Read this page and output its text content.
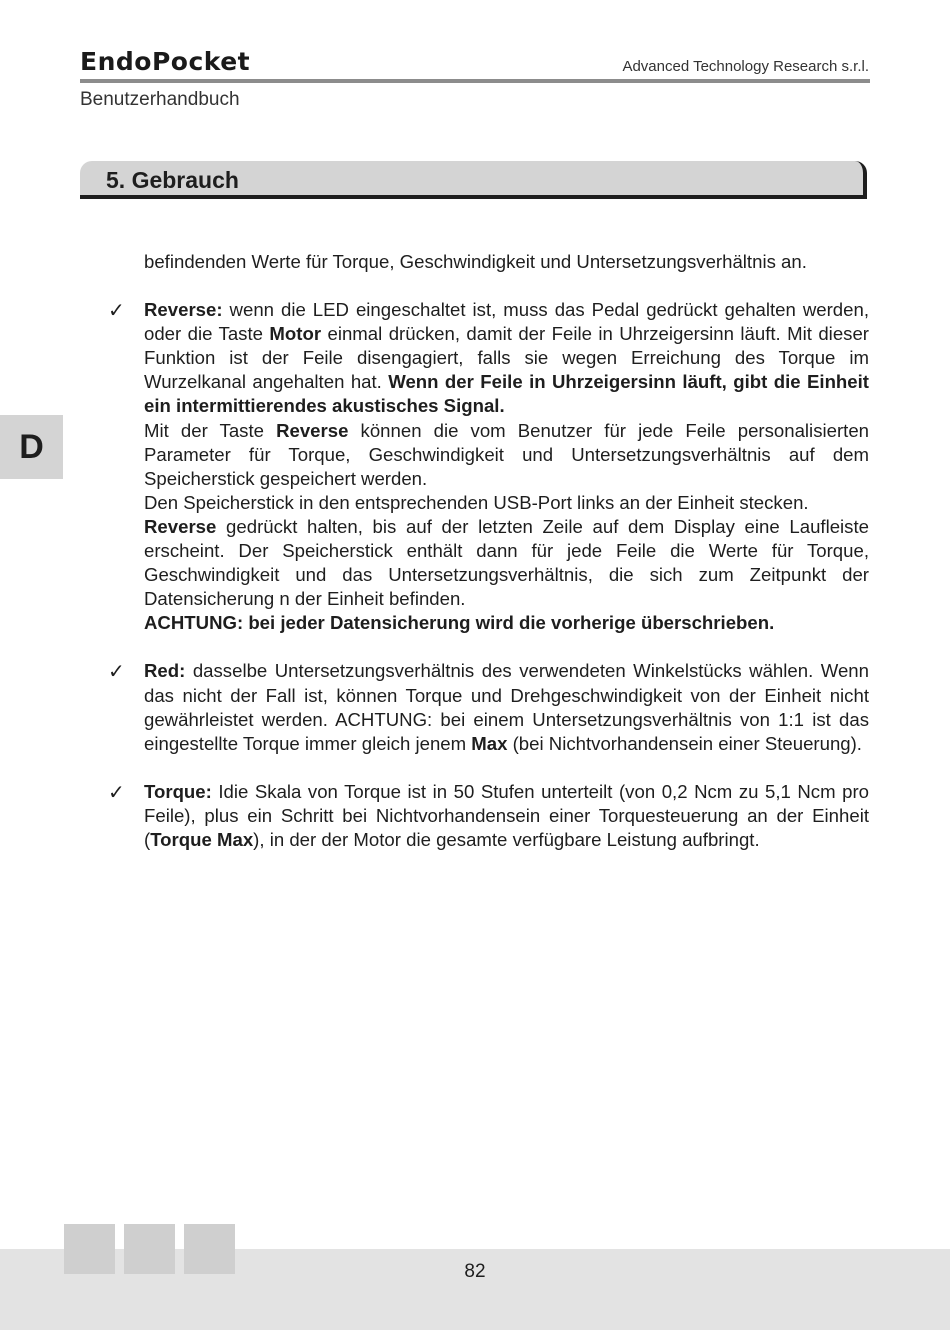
EndoPocket	Advanced Technology Research s.r.l.
Benutzerhandbuch
5. Gebrauch
D

befindenden Werte für Torque, Geschwindigkeit und Untersetzungsverhältnis an.

✓ Reverse: wenn die LED eingeschaltet ist, muss das Pedal gedrückt gehalten werden, oder die Taste Motor einmal drücken, damit der Feile in Uhrzeigersinn läuft. Mit dieser Funktion ist der Feile disengagiert, falls sie wegen Erreichung des Torque im Wurzelkanal angehalten hat. Wenn der Feile in Uhrzeigersinn läuft, gibt die Einheit ein intermittierendes akustisches Signal.

Mit der Taste Reverse können die vom Benutzer für jede Feile personalisierten Parameter für Torque, Geschwindigkeit und Untersetzungsverhältnis auf dem Speicherstick gespeichert werden.

Den Speicherstick in den entsprechenden USB-Port links an der Einheit stecken.

Reverse gedrückt halten, bis auf der letzten Zeile auf dem Display eine Laufleiste erscheint. Der Speicherstick enthält dann für jede Feile die Werte für Torque, Geschwindigkeit und das Untersetzungsverhältnis, die sich zum Zeitpunkt der Datensicherung n der Einheit befinden.

ACHTUNG: bei jeder Datensicherung wird die vorherige überschrieben.

✓ Red: dasselbe Untersetzungsverhältnis des verwendeten Winkelstücks wählen. Wenn das nicht der Fall ist, können Torque und Drehgeschwindigkeit von der Einheit nicht gewährleistet werden. ACHTUNG: bei einem Untersetzungsverhältnis von 1:1 ist das eingestellte Torque immer gleich jenem Max (bei Nichtvorhandensein einer Steuerung).

✓ Torque: Idie Skala von Torque ist in 50 Stufen unterteilt (von 0,2 Ncm zu 5,1 Ncm pro Feile), plus ein Schritt bei Nichtvorhandensein einer Torquesteuerung an der Einheit (Torque Max), in der der Motor die gesamte verfügbare Leistung aufbringt.

82
